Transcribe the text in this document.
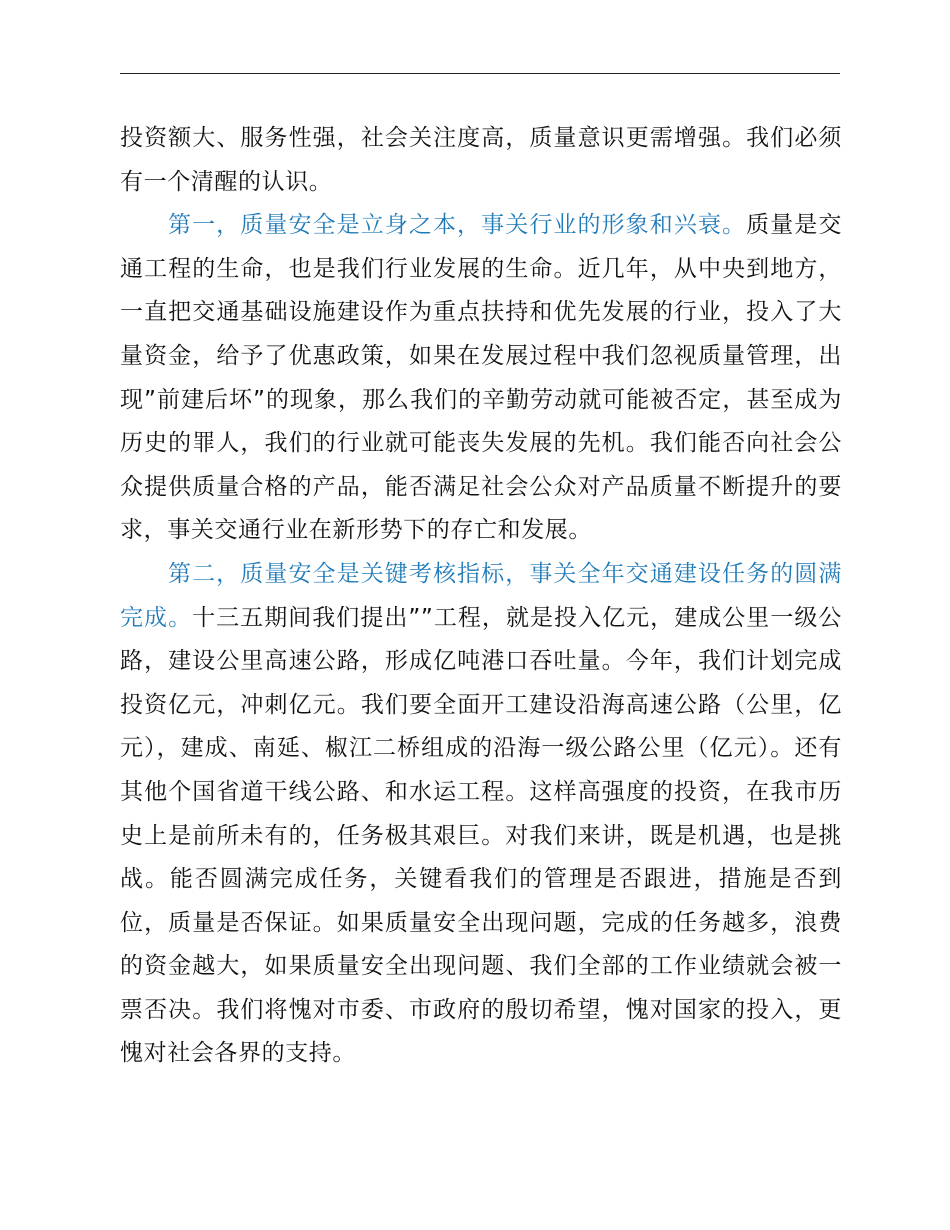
投资额大、服务性强，社会关注度高，质量意识更需增强。我们必须有一个清醒的认识。

第一，质量安全是立身之本，事关行业的形象和兴衰。质量是交通工程的生命，也是我们行业发展的生命。近几年，从中央到地方，一直把交通基础设施建设作为重点扶持和优先发展的行业，投入了大量资金，给予了优惠政策，如果在发展过程中我们忽视质量管理，出现”前建后坏”的现象，那么我们的辛勤劳动就可能被否定，甚至成为历史的罪人，我们的行业就可能丧失发展的先机。我们能否向社会公众提供质量合格的产品，能否满足社会公众对产品质量不断提升的要求，事关交通行业在新形势下的存亡和发展。

第二，质量安全是关键考核指标，事关全年交通建设任务的圆满完成。十三五期间我们提出””工程，就是投入亿元，建成公里一级公路，建设公里高速公路，形成亿吨港口吞吐量。今年，我们计划完成投资亿元，冲刺亿元。我们要全面开工建设沿海高速公路（公里，亿元），建成、南延、椒江二桥组成的沿海一级公路公里（亿元）。还有其他个国省道干线公路、和水运工程。这样高强度的投资，在我市历史上是前所未有的，任务极其艰巨。对我们来讲，既是机遇，也是挑战。能否圆满完成任务，关键看我们的管理是否跟进，措施是否到位，质量是否保证。如果质量安全出现问题，完成的任务越多，浪费的资金越大，如果质量安全出现问题、我们全部的工作业绩就会被一票否决。我们将愧对市委、市政府的殷切希望，愧对国家的投入，更愧对社会各界的支持。
